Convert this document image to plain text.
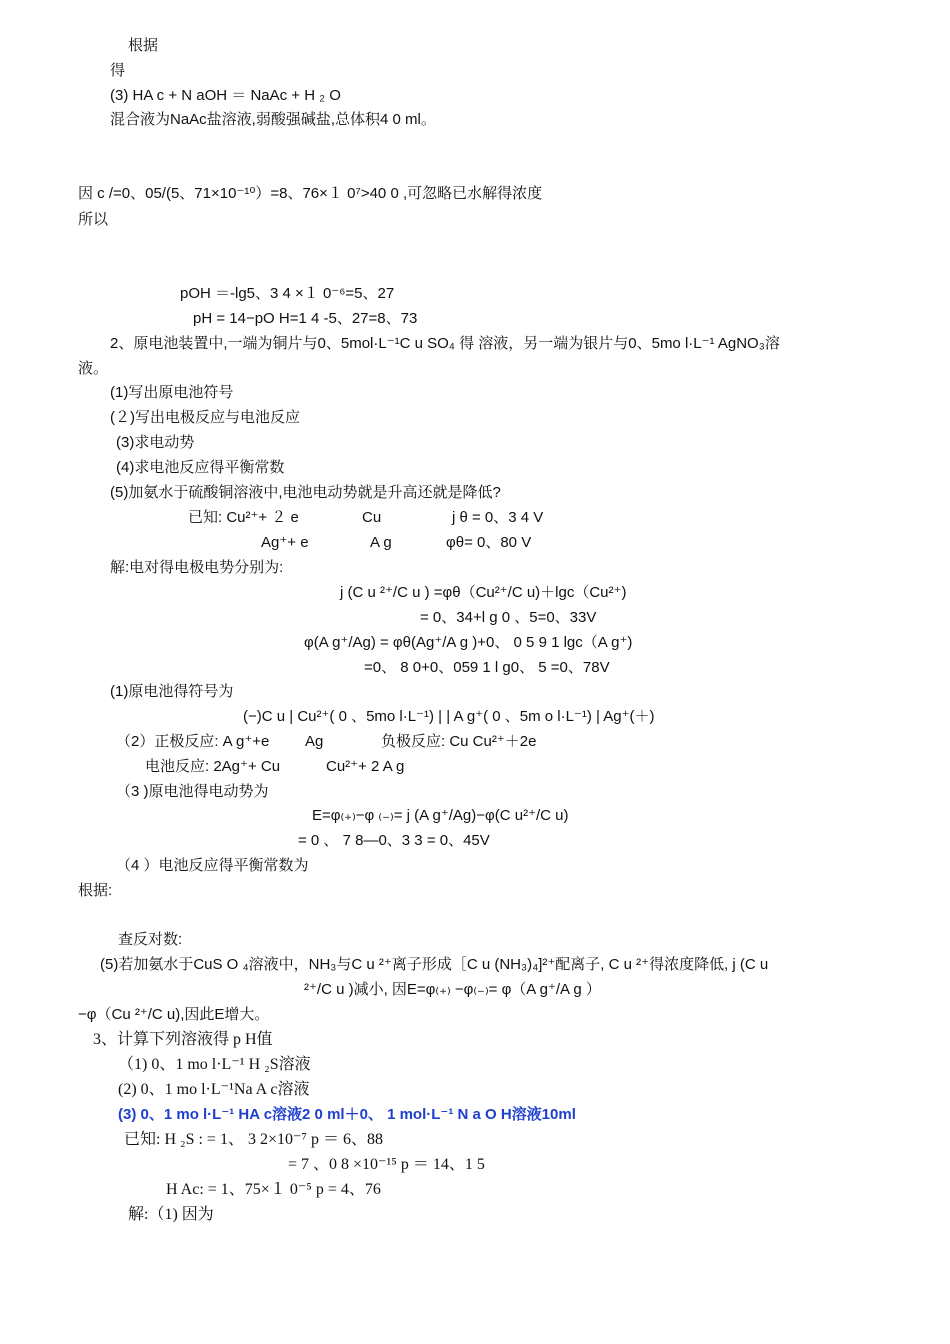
根据
得
(3) HA c + N aOH ＝ NaAc + H ₂ O
混合液为NaAc盐溶液,弱酸强碱盐,总体积4 0 ml。
因 c /=0、05/(5、71×10⁻¹⁰）=8、76×１ 0⁷>40 0 ,可忽略已水解得浓度
所以
pOH ＝-lg5、3 4 ×１ 0⁻⁶=5、27
pH = 14−pO H=1 4 -5、27=8、73
2、原电池装置中,一端为铜片与0、5mol·L⁻¹C u SO₄ 得 溶液，另一端为银片与0、5mo l·L⁻¹ AgNO₃溶
液。
(1)写出原电池符号
(２)写出电极反应与电池反应
(3)求电动势
(4)求电池反应得平衡常数
(5)加氨水于硫酸铜溶液中,电池电动势就是升高还就是降低?
已知: Cu²⁺+ ２ e	Cu	j θ = 0、3 4 V
Ag⁺+ e	A g	φθ= 0、80 V
解:电对得电极电势分别为:
j (C u ²⁺/C u ) =φθ（Cu²⁺/C u)＋lgc（Cu²⁺)
= 0、34+l g 0 、5=0、33V
φ(A g⁺/Ag) = φθ(Ag⁺/A g )+0、 0 5 9 1 lgc（A g⁺)
=0、 8 0+0、059 1 l g0、 5 =0、78V
(1)原电池得符号为
(−)C u | Cu²⁺( 0 、5mo l·L⁻¹) | | A g⁺( 0 、5m o l·L⁻¹) | Ag⁺(＋)
（2）正极反应: A g⁺+e Ag	负极反应: Cu Cu²⁺＋2e
电池反应: 2Ag⁺+ Cu	Cu²⁺+ 2 A g
（3 )原电池得电动势为
E=φ₍₊₎−φ ₍₋₎= j (A g⁺/Ag)−φ(C u²⁺/C u)
= 0 、 7 8—0、3 3 = 0、45V
（4 ）电池反应得平衡常数为
根据:
查反对数:
(5)若加氨水于CuS O ₄溶液中，NH₃与C u ²⁺离子形成［C u (NH₃)₄]²⁺配离子, C u ²⁺得浓度降低, j (C u
²⁺/C u )减小, 因E=φ₍₊₎ −φ₍₋₎= φ（A g⁺/A g ）
−φ（Cu ²⁺/C u),因此E增大。
3、计算下列溶液得 p H值
（1) 0、1 mo l·L⁻¹ H ₂S溶液
(2) 0、1 mo l·L⁻¹Na A c溶液
(3) 0、1 mo l·L⁻¹ HA c溶液2 0 ml＋0、 1 mol·L⁻¹ N a O H溶液10ml
已知: H ₂S : = 1、 3 2×10⁻⁷ p ＝ 6、88
= 7 、0 8 ×10⁻¹⁵ p ＝ 14、1 5
H Ac: = 1、75×１ 0⁻⁵ p = 4、76
解:（1) 因为
